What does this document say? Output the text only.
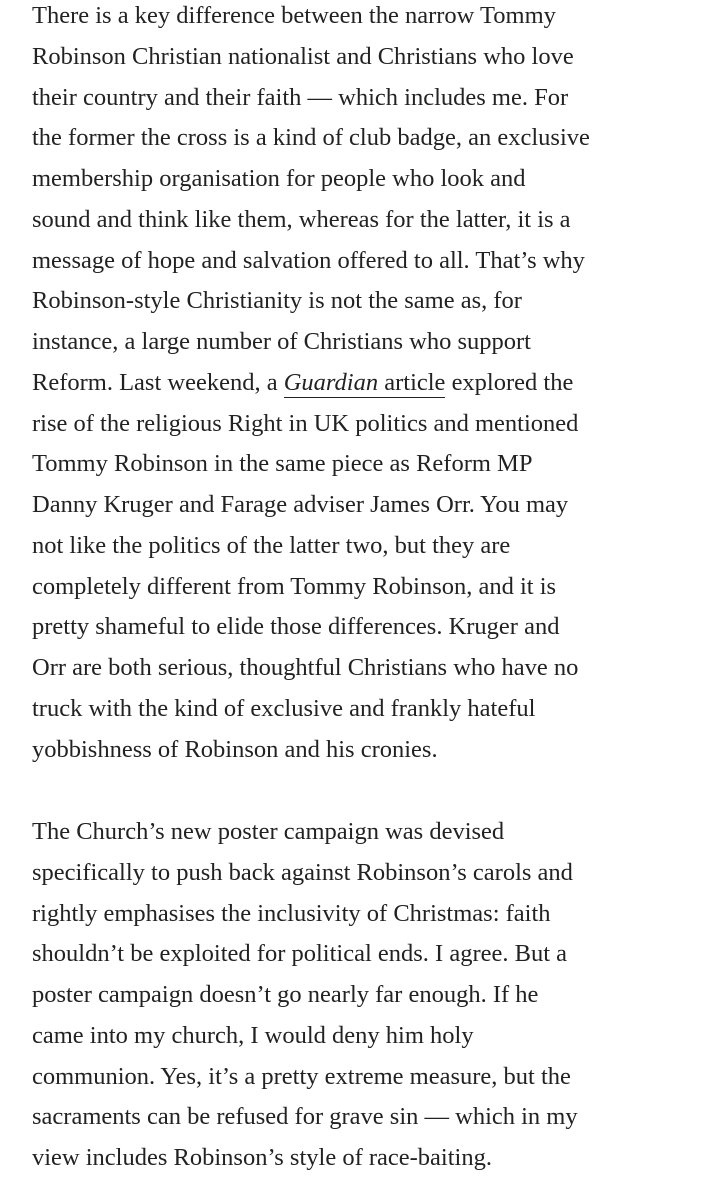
There is a key difference between the narrow Tommy
Robinson Christian nationalist and Christians who love
their country and their faith — which includes me. For
the former the cross is a kind of club badge, an exclusive
membership organisation for people who look and
sound and think like them, whereas for the latter, it is a
message of hope and salvation offered to all. That’s why
Robinson-style Christianity is not the same as, for
instance, a large number of Christians who support
Reform. Last weekend, a Guardian article explored the
rise of the religious Right in UK politics and mentioned
Tommy Robinson in the same piece as Reform MP
Danny Kruger and Farage adviser James Orr. You may
not like the politics of the latter two, but they are
completely different from Tommy Robinson, and it is
pretty shameful to elide those differences. Kruger and
Orr are both serious, thoughtful Christians who have no
truck with the kind of exclusive and frankly hateful
yobbishness of Robinson and his cronies.
The Church’s new poster campaign was devised
specifically to push back against Robinson’s carols and
rightly emphasises the inclusivity of Christmas: faith
shouldn’t be exploited for political ends. I agree. But a
poster campaign doesn’t go nearly far enough. If he
came into my church, I would deny him holy
communion. Yes, it’s a pretty extreme measure, but the
sacraments can be refused for grave sin — which in my
view includes Robinson’s style of race-baiting.
